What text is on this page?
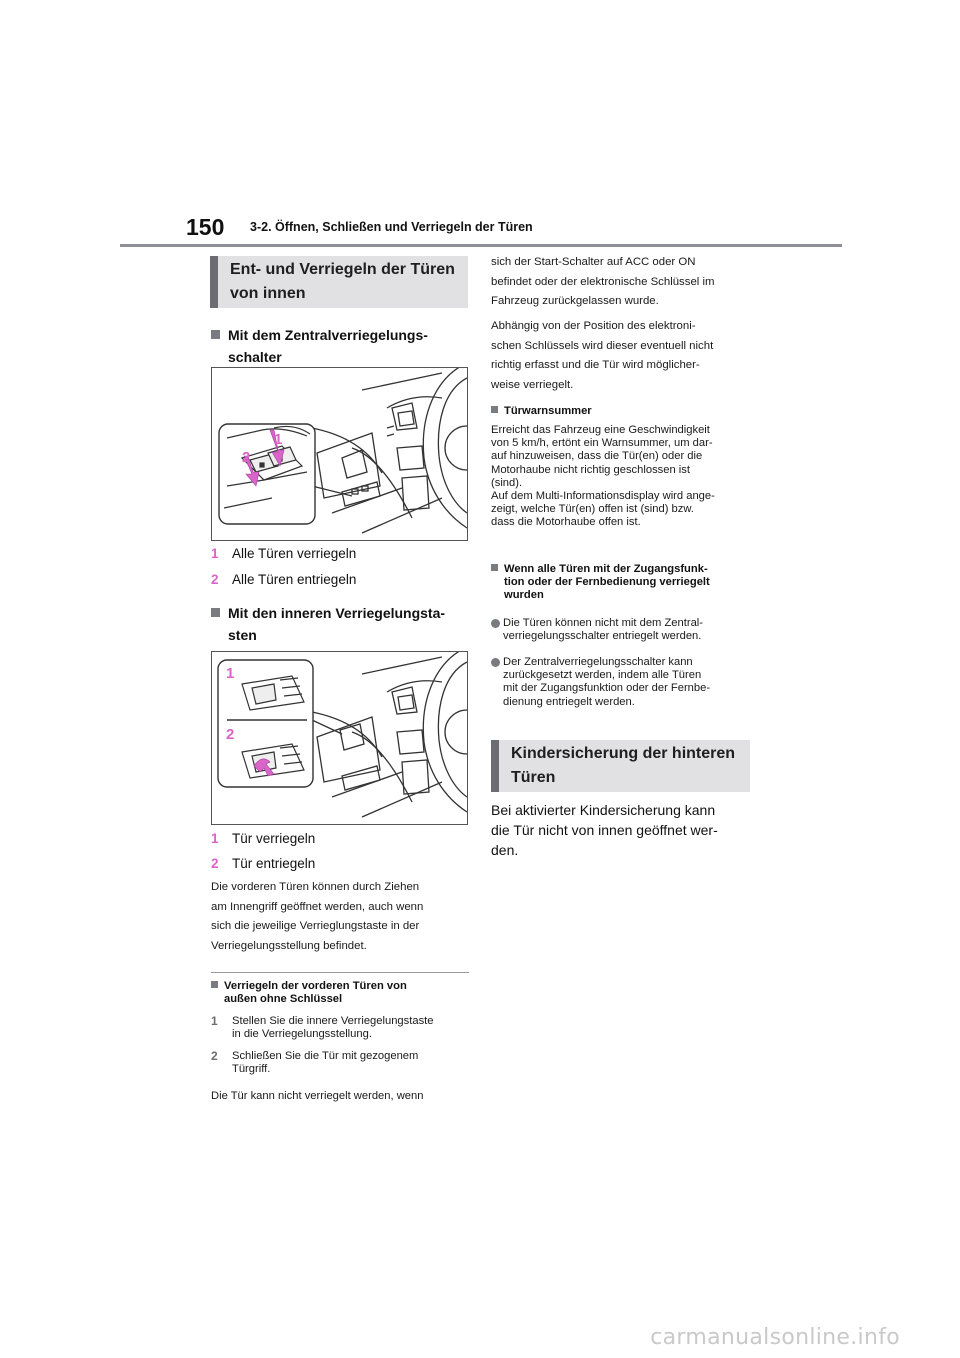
150 3-2. Öffnen, Schließen und Verriegeln der Türen
Ent- und Verriegeln der Türen
von innen
Mit dem Zentralverriegelungs-
schalter
1
2
1 Alle Türen verriegeln
2 Alle Türen entriegeln
Mit den inneren Verriegelungsta-
sten
1
2
1 Tür verriegeln
2 Tür entriegeln
Die vorderen Türen können durch Ziehen
am Innengriff geöffnet werden, auch wenn
sich die jeweilige Verrieglungstaste in der
Verriegelungsstellung befindet.
Verriegeln der vorderen Türen von
außen ohne Schlüssel
1	Stellen Sie die innere Verriegelungstaste
in die Verriegelungsstellung.
2	Schließen Sie die Tür mit gezogenem
Türgriff.
Die Tür kann nicht verriegelt werden, wenn
sich der Start-Schalter auf ACC oder ON
befindet oder der elektronische Schlüssel im
Fahrzeug zurückgelassen wurde.
Abhängig von der Position des elektroni-
schen Schlüssels wird dieser eventuell nicht
richtig erfasst und die Tür wird möglicher-
weise verriegelt.
Türwarnsummer
Erreicht das Fahrzeug eine Geschwindigkeit
von 5 km/h, ertönt ein Warnsummer, um dar-
auf hinzuweisen, dass die Tür(en) oder die
Motorhaube nicht richtig geschlossen ist
(sind).
Auf dem Multi-Informationsdisplay wird ange-
zeigt, welche Tür(en) offen ist (sind) bzw.
dass die Motorhaube offen ist.
Wenn alle Türen mit der Zugangsfunk-
tion oder der Fernbedienung verriegelt
wurden
Die Türen können nicht mit dem Zentral-
verriegelungsschalter entriegelt werden.
Der Zentralverriegelungsschalter kann
zurückgesetzt werden, indem alle Türen
mit der Zugangsfunktion oder der Fernbe-
dienung entriegelt werden.
Kindersicherung der hinteren
Türen
Bei aktivierter Kindersicherung kann
die Tür nicht von innen geöffnet wer-
den.
carmanualsonline.info
